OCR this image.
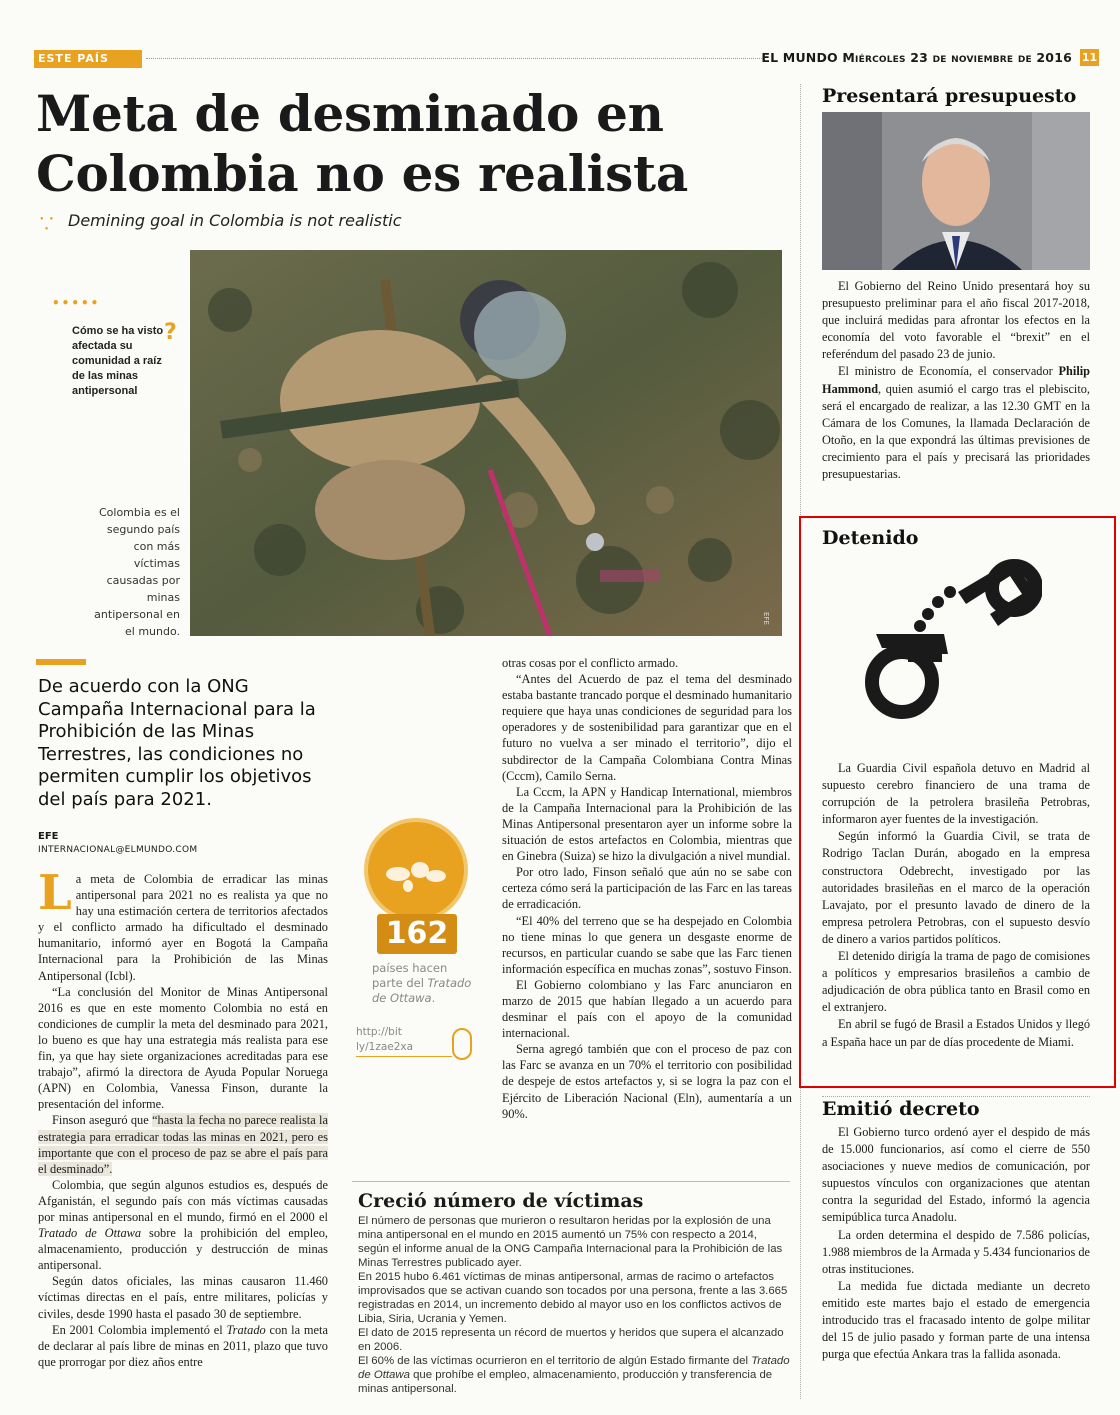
ESTE PAÍS	EL MUNDO Miércoles 23 de noviembre de 2016 11
Meta de desminado en
Colombia no es realista
⸪ Demining goal in Colombia is not realistic
•••••
Cómo se ha visto afectada su comunidad a raíz de las minas antipersonal
?
Colombia es el segundo país con más víctimas causadas por minas antipersonal en el mundo.
EFE
De acuerdo con la ONG Campaña Internacional para la Prohibición de las Minas Terrestres, las condiciones no permiten cumplir los objetivos del país para 2021.
EFE
INTERNACIONAL@ELMUNDO.COM

La meta de Colombia de erradicar las minas antipersonal para 2021 no es realista ya que no hay una estimación certera de territorios afectados y el conflicto armado ha dificultado el desminado humanitario, informó ayer en Bogotá la Campaña Internacional para la Prohibición de las Minas Antipersonal (Icbl).

“La conclusión del Monitor de Minas Antipersonal 2016 es que en este momento Colombia no está en condiciones de cumplir la meta del desminado para 2021, lo bueno es que hay una estrategia más realista para ese fin, ya que hay siete organizaciones acreditadas para ese trabajo”, afirmó la directora de Ayuda Popular Noruega (APN) en Colombia, Vanessa Finson, durante la presentación del informe.

Finson aseguró que “hasta la fecha no parece realista la estrategia para erradicar todas las minas en 2021, pero es importante que con el proceso de paz se abre el país para el desminado”.

Colombia, que según algunos estudios es, después de Afganistán, el segundo país con más víctimas causadas por minas antipersonal en el mundo, firmó en el 2000 el Tratado de Ottawa sobre la prohibición del empleo, almacenamiento, producción y destrucción de minas antipersonal.

Según datos oficiales, las minas causaron 11.460 víctimas directas en el país, entre militares, policías y civiles, desde 1990 hasta el pasado 30 de septiembre.

En 2001 Colombia implementó el Tratado con la meta de declarar al país libre de minas en 2011, plazo que tuvo que prorrogar por diez años entre

otras cosas por el conflicto armado.

“Antes del Acuerdo de paz el tema del desminado estaba bastante trancado porque el desminado humanitario requiere que haya unas condiciones de seguridad para los operadores y de sostenibilidad para garantizar que en el futuro no vuelva a ser minado el territorio”, dijo el subdirector de la Campaña Colombiana Contra Minas (Cccm), Camilo Serna.

La Cccm, la APN y Handicap International, miembros de la Campaña Internacional para la Prohibición de las Minas Antipersonal presentaron ayer un informe sobre la situación de estos artefactos en Colombia, mientras que en Ginebra (Suiza) se hizo la divulgación a nivel mundial.

Por otro lado, Finson señaló que aún no se sabe con certeza cómo será la participación de las Farc en las tareas de erradicación.

“El 40% del terreno que se ha despejado en Colombia no tiene minas lo que genera un desgaste enorme de recursos, en particular cuando se sabe que las Farc tienen información específica en muchas zonas”, sostuvo Finson.

El Gobierno colombiano y las Farc anunciaron en marzo de 2015 que habían llegado a un acuerdo para desminar el país con el apoyo de la comunidad internacional.

Serna agregó también que con el proceso de paz con las Farc se avanza en un 70% el territorio con posibilidad de despeje de estos artefactos y, si se logra la paz con el Ejército de Liberación Nacional (Eln), aumentaría a un 90%.

162
países hacen parte del Tratado de Ottawa.
http://bit ly/1zae2xa
Creció número de víctimas

El número de personas que murieron o resultaron heridas por la explosión de una mina antipersonal en el mundo en 2015 aumentó un 75% con respecto a 2014, según el informe anual de la ONG Campaña Internacional para la Prohibición de las Minas Terrestres publicado ayer.

En 2015 hubo 6.461 víctimas de minas antipersonal, armas de racimo o artefactos improvisados que se activan cuando son tocados por una persona, frente a las 3.665 registradas en 2014, un incremento debido al mayor uso en los conflictos activos de Libia, Siria, Ucrania y Yemen.

El dato de 2015 representa un récord de muertos y heridos que supera el alcanzado en 2006.

El 60% de las víctimas ocurrieron en el territorio de algún Estado firmante del Tratado de Ottawa que prohíbe el empleo, almacenamiento, producción y transferencia de minas antipersonal.

Presentará presupuesto

El Gobierno del Reino Unido presentará hoy su presupuesto preliminar para el año fiscal 2017-2018, que incluirá medidas para afrontar los efectos en la economía del voto favorable el “brexit” en el referéndum del pasado 23 de junio.

El ministro de Economía, el conservador Philip Hammond, quien asumió el cargo tras el plebiscito, será el encargado de realizar, a las 12.30 GMT en la Cámara de los Comunes, la llamada Declaración de Otoño, en la que expondrá las últimas previsiones de crecimiento para el país y precisará las prioridades presupuestarias.

Detenido

La Guardia Civil española detuvo en Madrid al supuesto cerebro financiero de una trama de corrupción de la petrolera brasileña Petrobras, informaron ayer fuentes de la investigación.

Según informó la Guardia Civil, se trata de Rodrigo Taclan Durán, abogado en la empresa constructora Odebrecht, investigado por las autoridades brasileñas en el marco de la operación Lavajato, por el presunto lavado de dinero de la empresa petrolera Petrobras, con el supuesto desvío de dinero a varios partidos políticos.

El detenido dirigía la trama de pago de comisiones a políticos y empresarios brasileños a cambio de adjudicación de obra pública tanto en Brasil como en el extranjero.

En abril se fugó de Brasil a Estados Unidos y llegó a España hace un par de días procedente de Miami.

Emitió decreto

El Gobierno turco ordenó ayer el despido de más de 15.000 funcionarios, así como el cierre de 550 asociaciones y nueve medios de comunicación, por supuestos vínculos con organizaciones que atentan contra la seguridad del Estado, informó la agencia semipública turca Anadolu.

La orden determina el despido de 7.586 policías, 1.988 miembros de la Armada y 5.434 funcionarios de otras instituciones.

La medida fue dictada mediante un decreto emitido este martes bajo el estado de emergencia introducido tras el fracasado intento de golpe militar del 15 de julio pasado y forman parte de una intensa purga que efectúa Ankara tras la fallida asonada.
